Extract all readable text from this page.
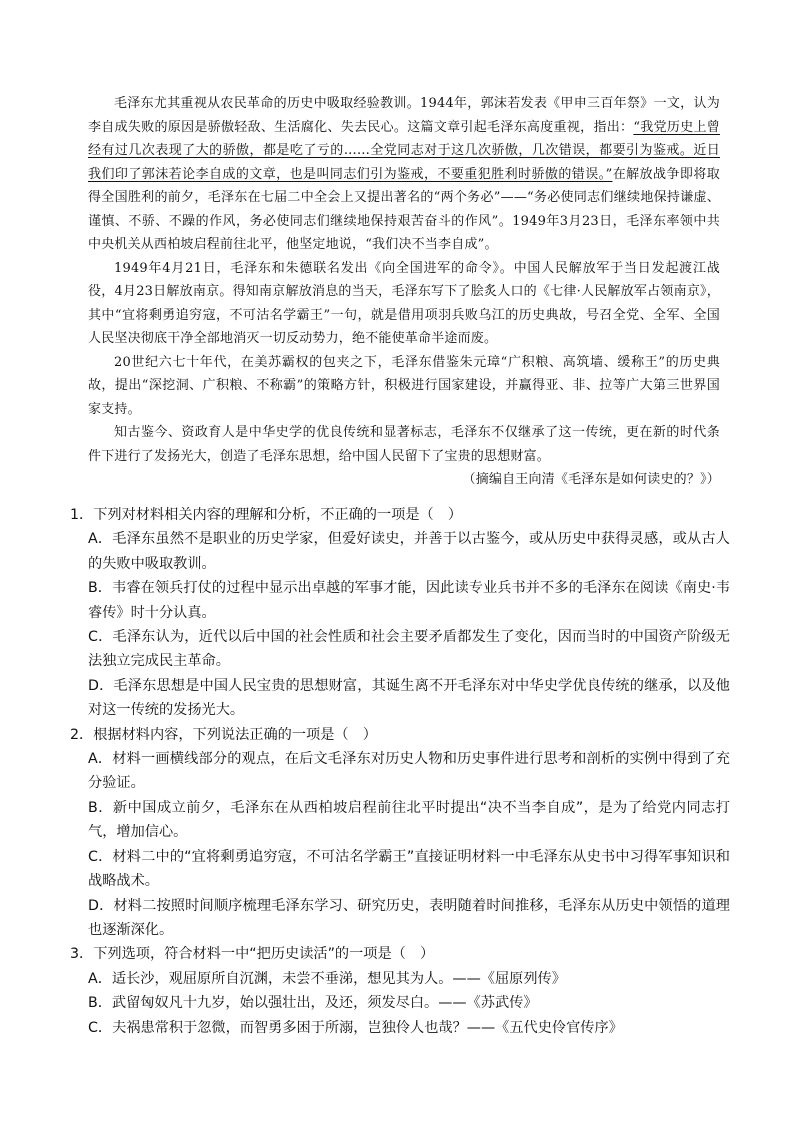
毛泽东尤其重视从农民革命的历史中吸取经验教训。1944年，郭沫若发表《甲申三百年祭》一文，认为李自成失败的原因是骄傲轻敌、生活腐化、失去民心。这篇文章引起毛泽东高度重视，指出：“我党历史上曾经有过几次表现了大的骄傲，都是吃了亏的……全党同志对于这几次骄傲，几次错误，都要引为鉴戒。近日我们印了郭沫若论李自成的文章，也是叫同志们引为鉴戒，不要重犯胜利时骄傲的错误。”在解放战争即将取得全国胜利的前夕，毛泽东在七届二中全会上又提出著名的“两个务必”——“务必使同志们继续地保持谦虚、谨慎、不骄、不躁的作风，务必使同志们继续地保持艰苦奋斗的作风”。1949年3月23日，毛泽东率领中共中央机关从西柏坡启程前往北平，他坚定地说，“我们决不当李自成”。

1949年4月21日，毛泽东和朱德联名发出《向全国进军的命令》。中国人民解放军于当日发起渡江战役，4月23日解放南京。得知南京解放消息的当天，毛泽东写下了脍炙人口的《七律·人民解放军占领南京》，其中“宜将剩勇追穷寇，不可沽名学霸王”一句，就是借用项羽兵败乌江的历史典故，号召全党、全军、全国人民坚决彻底干净全部地消灭一切反动势力，绝不能使革命半途而废。

20世纪六七十年代，在美苏霸权的包夹之下，毛泽东借鉴朱元璋“广积粮、高筑墙、缓称王”的历史典故，提出“深挖洞、广积粮、不称霸”的策略方针，积极进行国家建设，并赢得亚、非、拉等广大第三世界国家支持。

知古鉴今、资政育人是中华史学的优良传统和显著标志，毛泽东不仅继承了这一传统，更在新的时代条件下进行了发扬光大，创造了毛泽东思想，给中国人民留下了宝贵的思想财富。

（摘编自王向清《毛泽东是如何读史的？》）

1．下列对材料相关内容的理解和分析，不正确的一项是（　）

A．毛泽东虽然不是职业的历史学家，但爱好读史，并善于以古鉴今，或从历史中获得灵感，或从古人的失败中吸取教训。

B．韦睿在领兵打仗的过程中显示出卓越的军事才能，因此读专业兵书并不多的毛泽东在阅读《南史·韦睿传》时十分认真。

C．毛泽东认为，近代以后中国的社会性质和社会主要矛盾都发生了变化，因而当时的中国资产阶级无法独立完成民主革命。

D．毛泽东思想是中国人民宝贵的思想财富，其诞生离不开毛泽东对中华史学优良传统的继承，以及他对这一传统的发扬光大。

2．根据材料内容，下列说法正确的一项是（　）

A．材料一画横线部分的观点，在后文毛泽东对历史人物和历史事件进行思考和剖析的实例中得到了充分验证。

B．新中国成立前夕，毛泽东在从西柏坡启程前往北平时提出“决不当李自成”，是为了给党内同志打气，增加信心。

C．材料二中的“宜将剩勇追穷寇，不可沽名学霸王”直接证明材料一中毛泽东从史书中习得军事知识和战略战术。

D．材料二按照时间顺序梳理毛泽东学习、研究历史，表明随着时间推移，毛泽东从历史中领悟的道理也逐渐深化。

3．下列选项，符合材料一中“把历史读活”的一项是（　）

A．适长沙，观屈原所自沉渊，未尝不垂涕，想见其为人。——《屈原列传》

B．武留匈奴凡十九岁，始以强壮出，及还，须发尽白。——《苏武传》

C．夫祸患常积于忽微，而智勇多困于所溺，岂独伶人也哉？——《五代史伶官传序》
